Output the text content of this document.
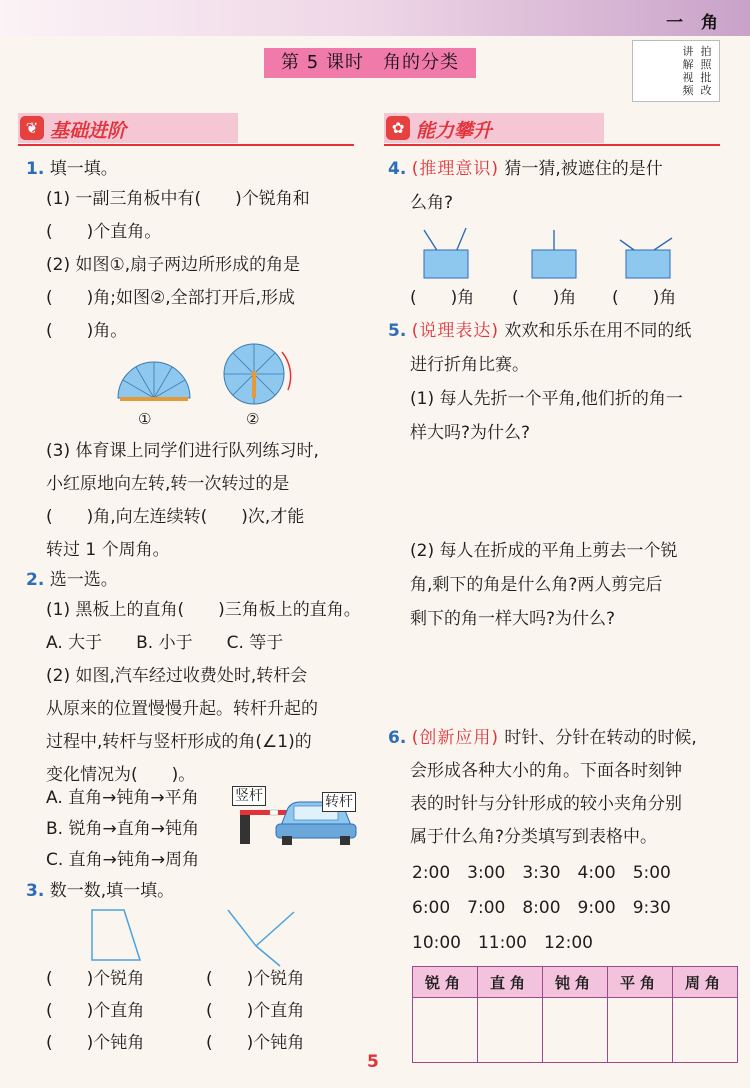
一 角
第 5 课时　角的分类
讲解视频
拍照批改
❦ 基础进阶	✿ 能力攀升
1. 填一填。
(1) 一副三角板中有(　　)个锐角和
(　　)个直角。
(2) 如图①,扇子两边所形成的角是
(　　)角;如图②,全部打开后,形成
(　　)角。
①	②
(3) 体育课上同学们进行队列练习时,
小红原地向左转,转一次转过的是
(　　)角,向左连续转(　　)次,才能
转过 1 个周角。
2. 选一选。
(1) 黑板上的直角(　　)三角板上的直角。
A. 大于　　B. 小于　　C. 等于
(2) 如图,汽车经过收费处时,转杆会
从原来的位置慢慢升起。转杆升起的
过程中,转杆与竖杆形成的角(∠1)的
变化情况为(　　)。
A. 直角→钝角→平角
B. 锐角→直角→钝角
C. 直角→钝角→周角
竖杆	转杆
3. 数一数,填一填。
(　　)个锐角
(　　)个直角
(　　)个钝角
(　　)个锐角
(　　)个直角
(　　)个钝角
4. (推理意识) 猜一猜,被遮住的是什
么角?
(　　)角 (　　)角 (　　)角
5. (说理表达) 欢欢和乐乐在用不同的纸
进行折角比赛。
(1) 每人先折一个平角,他们折的角一
样大吗?为什么?
(2) 每人在折成的平角上剪去一个锐
角,剩下的角是什么角?两人剪完后
剩下的角一样大吗?为什么?
6. (创新应用) 时针、分针在转动的时候,
会形成各种大小的角。下面各时刻钟
表的时针与分针形成的较小夹角分别
属于什么角?分类填写到表格中。
2:00　3:00　3:30　4:00　5:00
6:00　7:00　8:00　9:00　9:30
10:00　11:00　12:00
锐角	直角	钝角	平角	周角

5
